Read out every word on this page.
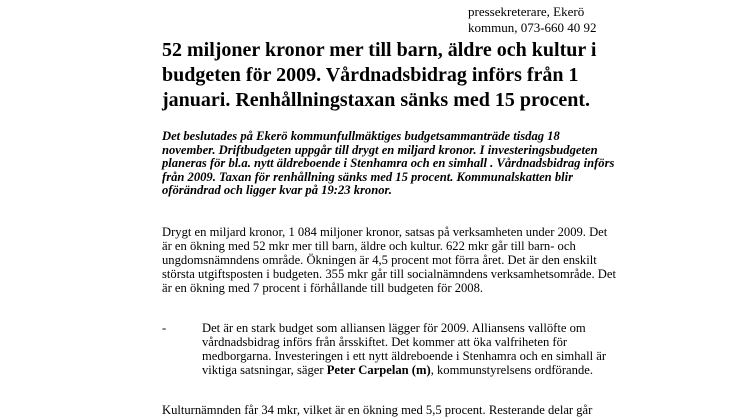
pressekreterare, Ekerö
kommun, 073-660 40 92
52 miljoner kronor mer till barn, äldre och kultur i
budgeten för 2009. Vårdnadsbidrag införs från 1
januari. Renhållningstaxan sänks med 15 procent.
Det beslutades på Ekerö kommunfullmäktiges budgetsammanträde tisdag 18
november. Driftbudgeten uppgår till drygt en miljard kronor. I investeringsbudgeten
planeras för bl.a. nytt äldreboende i Stenhamra och en simhall . Vårdnadsbidrag införs
från 2009. Taxan för renhållning sänks med 15 procent. Kommunalskatten blir
oförändrad och ligger kvar på 19:23 kronor.
Drygt en miljard kronor, 1 084 miljoner kronor, satsas på verksamheten under 2009. Det
är en ökning med 52 mkr mer till barn, äldre och kultur. 622 mkr går till barn- och
ungdomsnämndens område. Ökningen är 4,5 procent mot förra året. Det är den enskilt
största utgiftsposten i budgeten. 355 mkr går till socialnämndens verksamhetsområde. Det
är en ökning med 7 procent i förhållande till budgeten för 2008.
-	Det är en stark budget som alliansen lägger för 2009. Alliansens vallöfte om
vårdnadsbidrag införs från årsskiftet. Det kommer att öka valfriheten för
medborgarna. Investeringen i ett nytt äldreboende i Stenhamra och en simhall är
viktiga satsningar, säger Peter Carpelan (m), kommunstyrelsens ordförande.
Kulturnämnden får 34 mkr, vilket är en ökning med 5,5 procent. Resterande delar går
